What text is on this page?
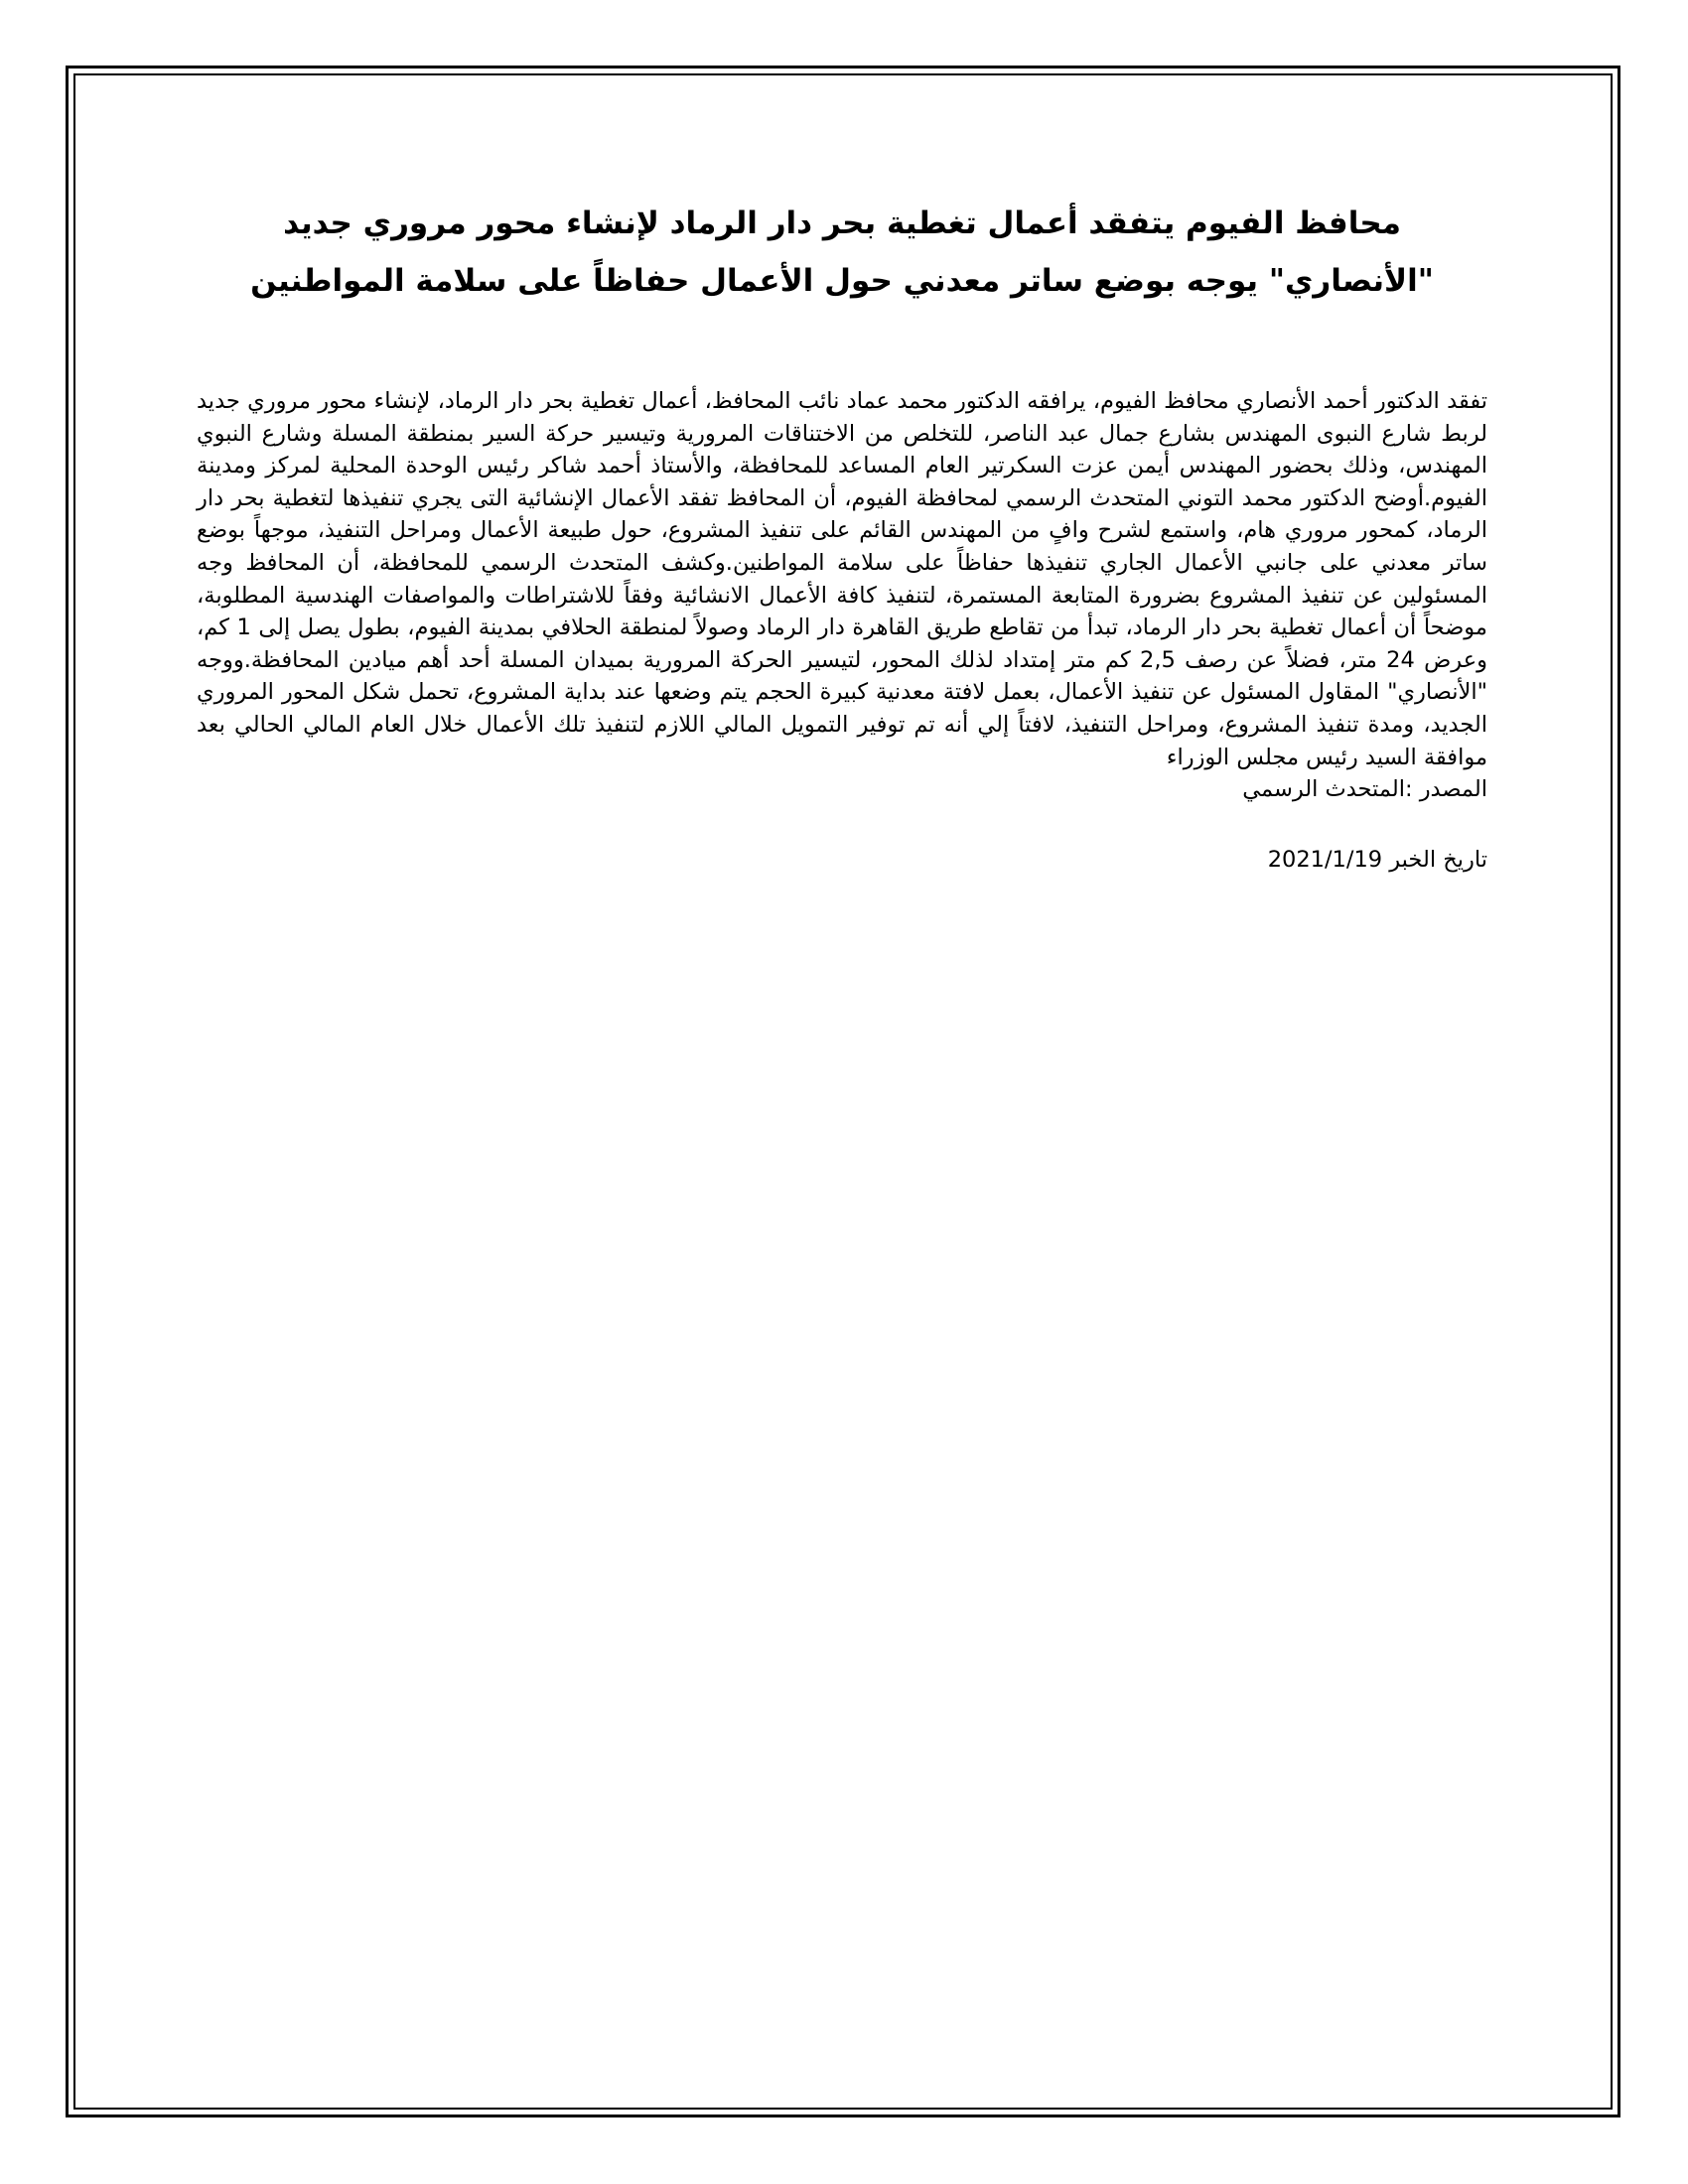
محافظ الفيوم يتفقد أعمال تغطية بحر دار الرماد لإنشاء محور مروري جديد
"الأنصاري" يوجه بوضع ساتر معدني حول الأعمال حفاظاً على سلامة المواطنين

تفقد الدكتور أحمد الأنصاري محافظ الفيوم، يرافقه الدكتور محمد عماد نائب المحافظ، أعمال تغطية بحر دار الرماد، لإنشاء محور مروري جديد لربط شارع النبوى المهندس بشارع جمال عبد الناصر، للتخلص من الاختناقات المرورية وتيسير حركة السير بمنطقة المسلة وشارع النبوي المهندس، وذلك بحضور المهندس أيمن عزت السكرتير العام المساعد للمحافظة، والأستاذ أحمد شاكر رئيس الوحدة المحلية لمركز ومدينة الفيوم.أوضح الدكتور محمد التوني المتحدث الرسمي لمحافظة الفيوم، أن المحافظ تفقد الأعمال الإنشائية التى يجري تنفيذها لتغطية بحر دار الرماد، كمحور مروري هام، واستمع لشرح وافٍ من المهندس القائم على تنفيذ المشروع، حول طبيعة الأعمال ومراحل التنفيذ، موجهاً بوضع ساتر معدني على جانبي الأعمال الجاري تنفيذها حفاظاً على سلامة المواطنين.وكشف المتحدث الرسمي للمحافظة، أن المحافظ وجه المسئولين عن تنفيذ المشروع بضرورة المتابعة المستمرة، لتنفيذ كافة الأعمال الانشائية وفقاً للاشتراطات والمواصفات الهندسية المطلوبة، موضحاً أن أعمال تغطية بحر دار الرماد، تبدأ من تقاطع طريق القاهرة دار الرماد وصولاً لمنطقة الحلافي بمدينة الفيوم، بطول يصل إلى 1 كم، وعرض 24 متر، فضلاً عن رصف 2,5 كم متر إمتداد لذلك المحور، لتيسير الحركة المرورية بميدان المسلة أحد أهم ميادين المحافظة.ووجه "الأنصاري" المقاول المسئول عن تنفيذ الأعمال، بعمل لافتة معدنية كبيرة الحجم يتم وضعها عند بداية المشروع، تحمل شكل المحور المروري الجديد، ومدة تنفيذ المشروع، ومراحل التنفيذ، لافتاً إلي أنه تم توفير التمويل المالي اللازم لتنفيذ تلك الأعمال خلال العام المالي الحالي بعد موافقة السيد رئيس مجلس الوزراء

المصدر :المتحدث الرسمي

تاريخ الخبر 2021/1/19
